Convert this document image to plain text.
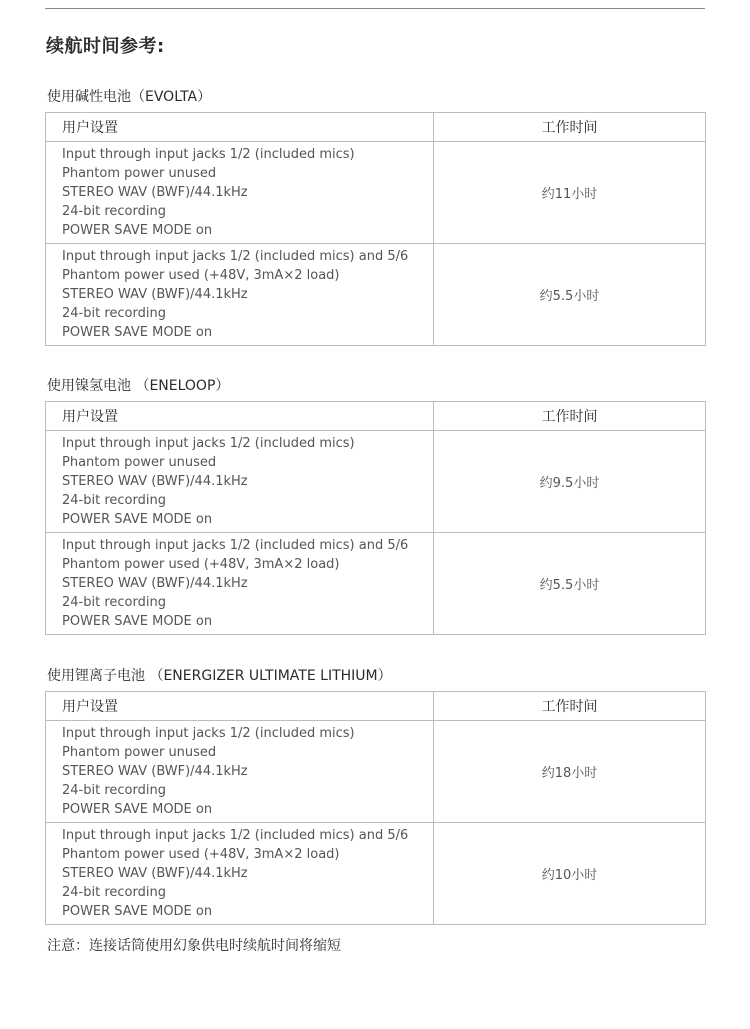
续航时间参考:
使用碱性电池（EVOLTA）
用户设置	工作时间

Input through input jacks 1/2 (included mics)
Phantom power unused
STEREO WAV (BWF)/44.1kHz
24-bit recording
POWER SAVE MODE on	约11小时

Input through input jacks 1/2 (included mics) and 5/6
Phantom power used (+48V, 3mA×2 load)
STEREO WAV (BWF)/44.1kHz
24-bit recording
POWER SAVE MODE on	约5.5小时
使用镍氢电池 （ENELOOP）
用户设置	工作时间

Input through input jacks 1/2 (included mics)
Phantom power unused
STEREO WAV (BWF)/44.1kHz
24-bit recording
POWER SAVE MODE on	约9.5小时

Input through input jacks 1/2 (included mics) and 5/6
Phantom power used (+48V, 3mA×2 load)
STEREO WAV (BWF)/44.1kHz
24-bit recording
POWER SAVE MODE on	约5.5小时
使用锂离子电池 （ENERGIZER ULTIMATE LITHIUM）
用户设置	工作时间

Input through input jacks 1/2 (included mics)
Phantom power unused
STEREO WAV (BWF)/44.1kHz
24-bit recording
POWER SAVE MODE on	约18小时

Input through input jacks 1/2 (included mics) and 5/6
Phantom power used (+48V, 3mA×2 load)
STEREO WAV (BWF)/44.1kHz
24-bit recording
POWER SAVE MODE on	约10小时
注意：连接话筒使用幻象供电时续航时间将缩短
